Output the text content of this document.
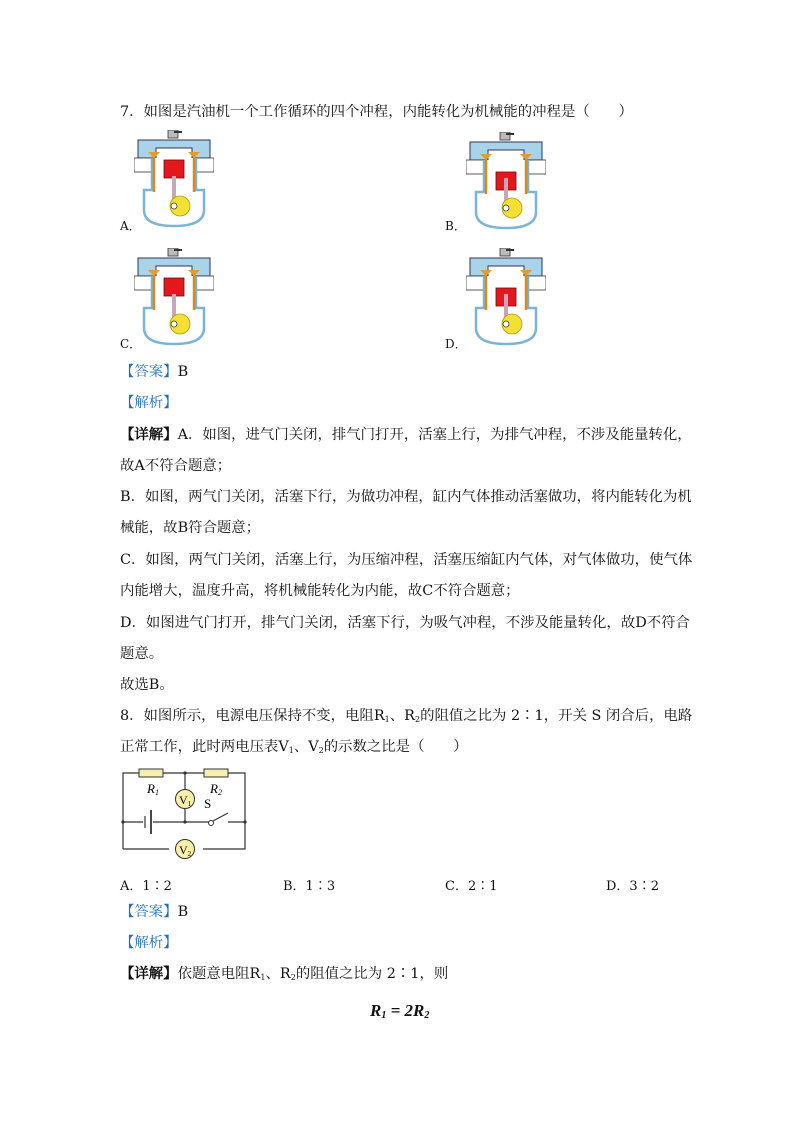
7．如图是汽油机一个工作循环的四个冲程，内能转化为机械能的冲程是（　　）
A．	B．
C．	D．
【答案】B
【解析】
【详解】A．如图，进气门关闭，排气门打开，活塞上行，为排气冲程，不涉及能量转化，
故A不符合题意；
B．如图，两气门关闭，活塞下行，为做功冲程，缸内气体推动活塞做功，将内能转化为机
械能，故B符合题意；
C．如图，两气门关闭，活塞上行，为压缩冲程，活塞压缩缸内气体，对气体做功，使气体
内能增大，温度升高，将机械能转化为内能，故C不符合题意；
D．如图进气门打开，排气门关闭，活塞下行，为吸气冲程，不涉及能量转化，故D不符合
题意。
故选B。
8．如图所示，电源电压保持不变，电阻$R_1$、$R_2$的阻值之比为 2∶1，开关 S 闭合后，电路
正常工作，此时两电压表$V_1$、$V_2$的示数之比是（　　）
R1	R2
V1
V2
S
A．1∶2	B．1∶3	C．2∶1	D．3∶2
【答案】B
【解析】
【详解】依题意电阻$R_1$、$R_2$的阻值之比为 2∶1，则
$R_1 = 2R_2$
